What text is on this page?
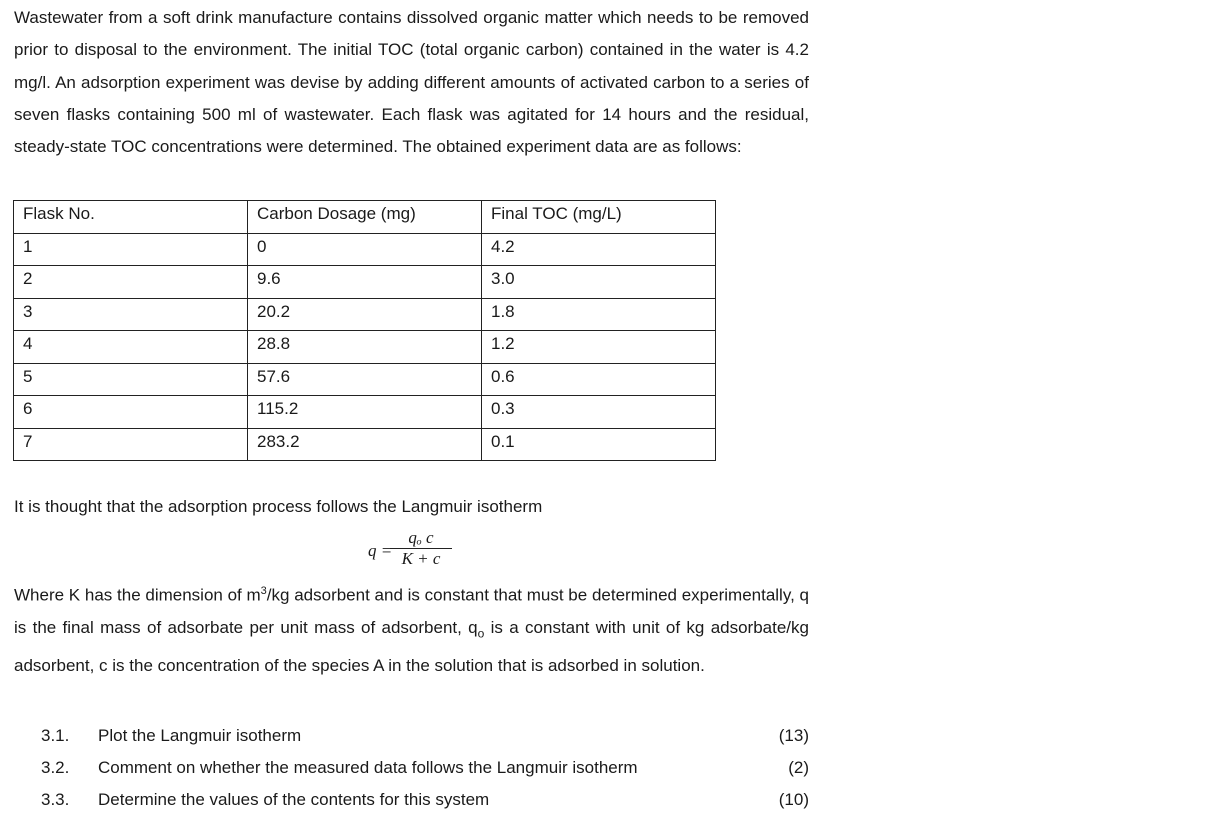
Wastewater from a soft drink manufacture contains dissolved organic matter which needs to be removed prior to disposal to the environment. The initial TOC (total organic carbon) contained in the water is 4.2 mg/l. An adsorption experiment was devise by adding different amounts of activated carbon to a series of seven flasks containing 500 ml of wastewater. Each flask was agitated for 14 hours and the residual, steady-state TOC concentrations were determined. The obtained experiment data are as follows:

Flask No.	Carbon Dosage (mg)	Final TOC (mg/L)
1	0	4.2
2	9.6	3.0
3	20.2	1.8
4	28.8	1.2
5	57.6	0.6
6	115.2	0.3
7	283.2	0.1

It is thought that the adsorption process follows the Langmuir isotherm

q =
$\frac{\text{qₒ c}}{K + c}$

Where K has the dimension of $m^3/kg$ adsorbent and is constant that must be determined experimentally, q is the final mass of adsorbate per unit mass of adsorbent, $q_o$ is a constant with unit of kg adsorbate/kg adsorbent, c is the concentration of the species A in the solution that is adsorbed in solution.

3.1. Plot the Langmuir isotherm	(13)
3.2. Comment on whether the measured data follows the Langmuir isotherm	(2)
3.3. Determine the values of the contents for this system	(10)
